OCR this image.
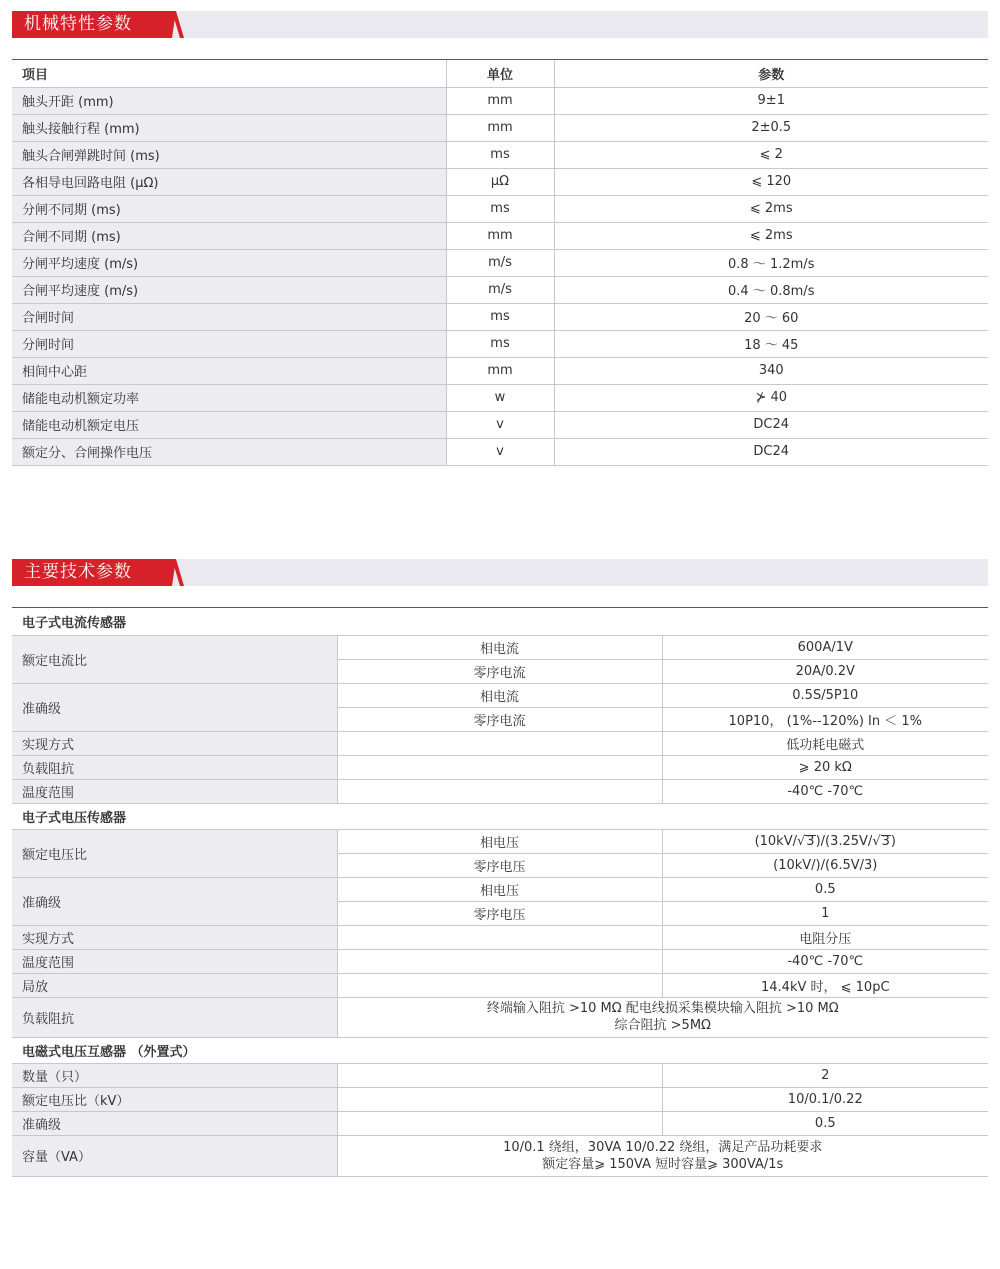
机械特性参数
项目	单位	参数
触头开距 (mm)	mm	9±1
触头接触行程 (mm)	mm	2±0.5
触头合闸弹跳时间 (ms)	ms	⩽ 2
各相导电回路电阻 (μΩ)	μΩ	⩽ 120
分闸不同期 (ms)	ms	⩽ 2ms
合闸不同期 (ms)	mm	⩽ 2ms
分闸平均速度 (m/s)	m/s	0.8 ～ 1.2m/s
合闸平均速度 (m/s)	m/s	0.4 ～ 0.8m/s
合闸时间	ms	20 ～ 60
分闸时间	ms	18 ～ 45
相间中心距	mm	340
储能电动机额定功率	w	⊁ 40
储能电动机额定电压	v	DC24
额定分、合闸操作电压	v	DC24
主要技术参数
电子式电流传感器		
额定电流比	相电流	600A/1V
	零序电流	20A/0.2V
准确级	相电流	0.5S/5P10
	零序电流	10P10， (1%--120%) In ＜ 1%
实现方式		低功耗电磁式
负载阻抗		⩾ 20 kΩ
温度范围		-40℃ -70℃
电子式电压传感器		
额定电压比	相电压	(10kV/√3)/(3.25V/√3)
	零序电压	(10kV/)/(6.5V/3)
准确级	相电压	0.5
	零序电压	1
实现方式		电阻分压
温度范围		-40℃ -70℃
局放		14.4kV 时， ⩽ 10pC
负载阻抗	终端输入阻抗 >10 MΩ 配电线损采集模块输入阻抗 >10 MΩ
综合阻抗 >5MΩ	

电磁式电压互感器 （外置式）		
数量（只）		2
额定电压比（kV）		10/0.1/0.22
准确级		0.5
容量（VA）	10/0.1 绕组，30VA 10/0.22 绕组，满足产品功耗要求
额定容量⩾ 150VA 短时容量⩾ 300VA/1s	
